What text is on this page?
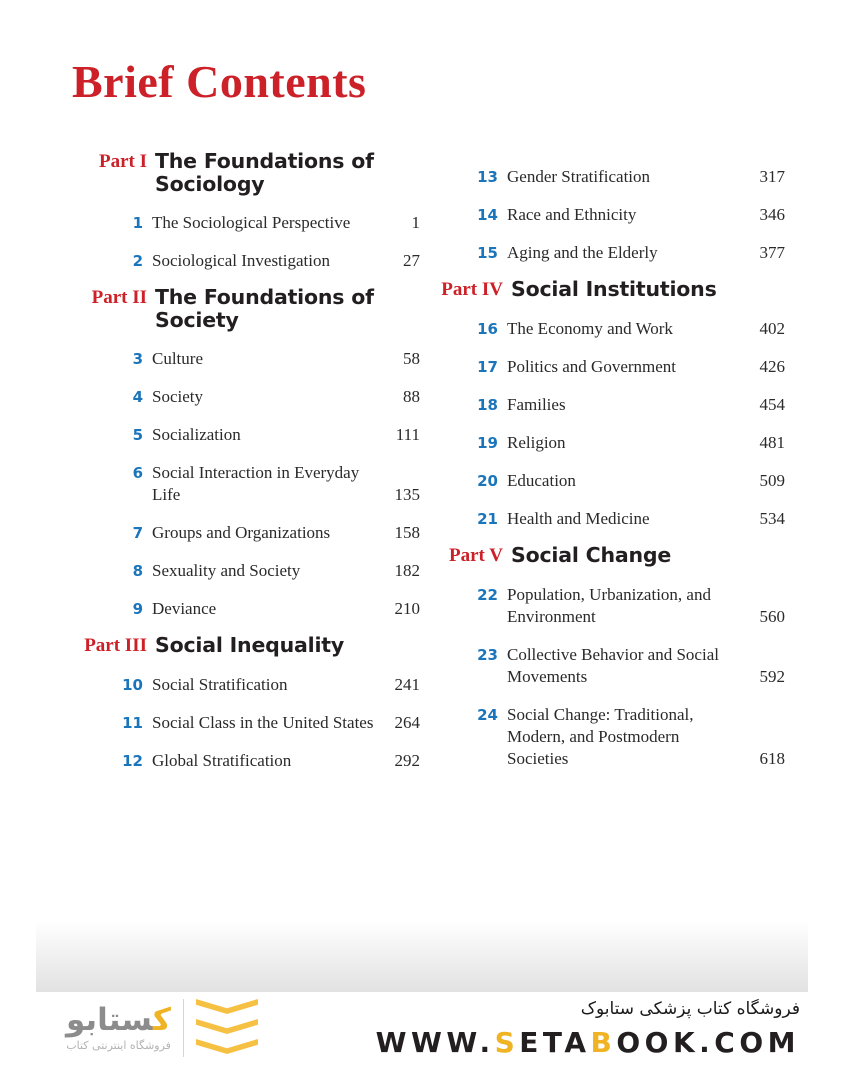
Brief Contents
Part I The Foundations of Sociology
1 The Sociological Perspective	1
2 Sociological Investigation	27
Part II The Foundations of Society
3 Culture	58
4 Society	88
5 Socialization	111
6 Social Interaction in Everyday Life	135
7 Groups and Organizations	158
8 Sexuality and Society	182
9 Deviance	210
Part III Social Inequality
10 Social Stratification	241
11 Social Class in the United States	264
12 Global Stratification	292
13 Gender Stratification	317
14 Race and Ethnicity	346
15 Aging and the Elderly	377
Part IV Social Institutions
16 The Economy and Work	402
17 Politics and Government	426
18 Families	454
19 Religion	481
20 Education	509
21 Health and Medicine	534
Part V Social Change
22 Population, Urbanization, and Environment	560
23 Collective Behavior and Social Movements	592
24 Social Change: Traditional, Modern, and Postmodern Societies	618
کستابو
فروشگاه اینترنتی کتاب
فروشگاه کتاب پزشکی ستابوک
WWW.SETABOOK.COM
